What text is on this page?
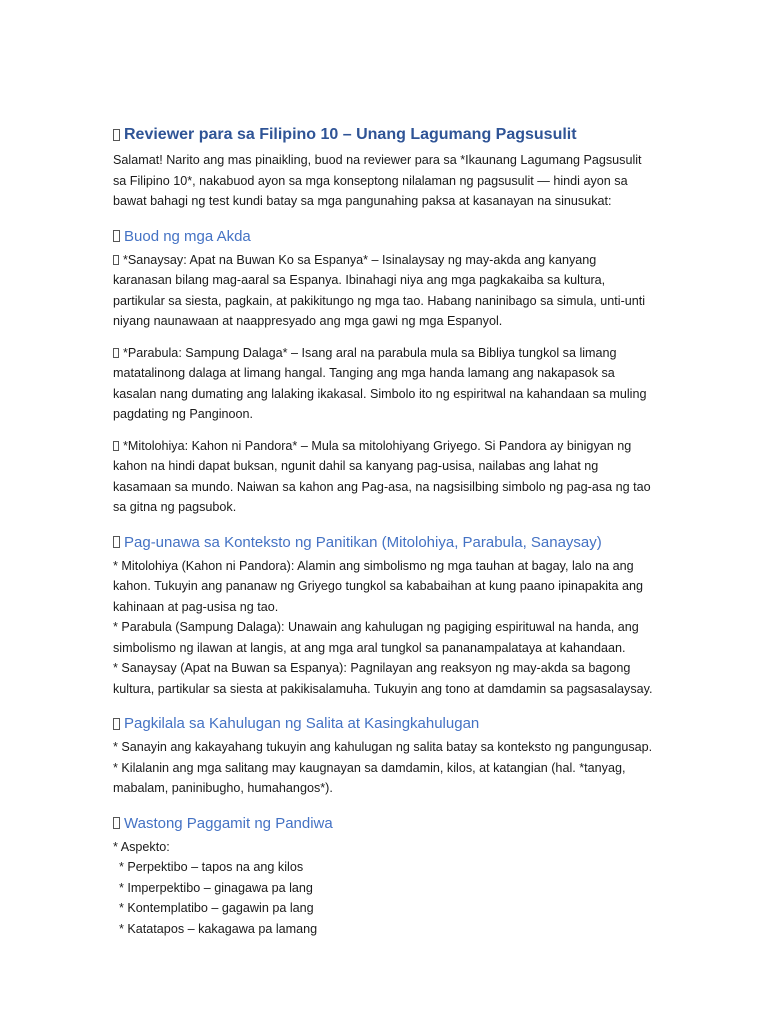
Reviewer para sa Filipino 10 – Unang Lagumang Pagsusulit

Salamat! Narito ang mas pinaikling, buod na reviewer para sa *Ikaunang Lagumang Pagsusulit sa Filipino 10*, nakabuod ayon sa mga konseptong nilalaman ng pagsusulit — hindi ayon sa bawat bahagi ng test kundi batay sa mga pangunahing paksa at kasanayan na sinusukat:

Buod ng mga Akda

*Sanaysay: Apat na Buwan Ko sa Espanya* – Isinalaysay ng may-akda ang kanyang karanasan bilang mag-aaral sa Espanya. Ibinahagi niya ang mga pagkakaiba sa kultura, partikular sa siesta, pagkain, at pakikitungo ng mga tao. Habang naninibago sa simula, unti-unti niyang naunawaan at naappresyado ang mga gawi ng mga Espanyol.

*Parabula: Sampung Dalaga* – Isang aral na parabula mula sa Bibliya tungkol sa limang matatalinong dalaga at limang hangal. Tanging ang mga handa lamang ang nakapasok sa kasalan nang dumating ang lalaking ikakasal. Simbolo ito ng espiritwal na kahandaan sa muling pagdating ng Panginoon.

*Mitolohiya: Kahon ni Pandora* – Mula sa mitolohiyang Griyego. Si Pandora ay binigyan ng kahon na hindi dapat buksan, ngunit dahil sa kanyang pag-usisa, nailabas ang lahat ng kasamaan sa mundo. Naiwan sa kahon ang Pag-asa, na nagsisilbing simbolo ng pag-asa ng tao sa gitna ng pagsubok.

Pag-unawa sa Konteksto ng Panitikan (Mitolohiya, Parabula, Sanaysay)

* Mitolohiya (Kahon ni Pandora): Alamin ang simbolismo ng mga tauhan at bagay, lalo na ang kahon. Tukuyin ang pananaw ng Griyego tungkol sa kababaihan at kung paano ipinapakita ang kahinaan at pag-usisa ng tao.

* Parabula (Sampung Dalaga): Unawain ang kahulugan ng pagiging espirituwal na handa, ang simbolismo ng ilawan at langis, at ang mga aral tungkol sa pananampalataya at kahandaan.

* Sanaysay (Apat na Buwan sa Espanya): Pagnilayan ang reaksyon ng may-akda sa bagong kultura, partikular sa siesta at pakikisalamuha. Tukuyin ang tono at damdamin sa pagsasalaysay.

Pagkilala sa Kahulugan ng Salita at Kasingkahulugan

* Sanayin ang kakayahang tukuyin ang kahulugan ng salita batay sa konteksto ng pangungusap.

* Kilalanin ang mga salitang may kaugnayan sa damdamin, kilos, at katangian (hal. *tanyag, mabalam, paninibugho, humahangos*).

Wastong Paggamit ng Pandiwa

* Aspekto:

* Perpektibo – tapos na ang kilos

* Imperpektibo – ginagawa pa lang

* Kontemplatibo – gagawin pa lang

* Katatapos – kakagawa pa lamang
